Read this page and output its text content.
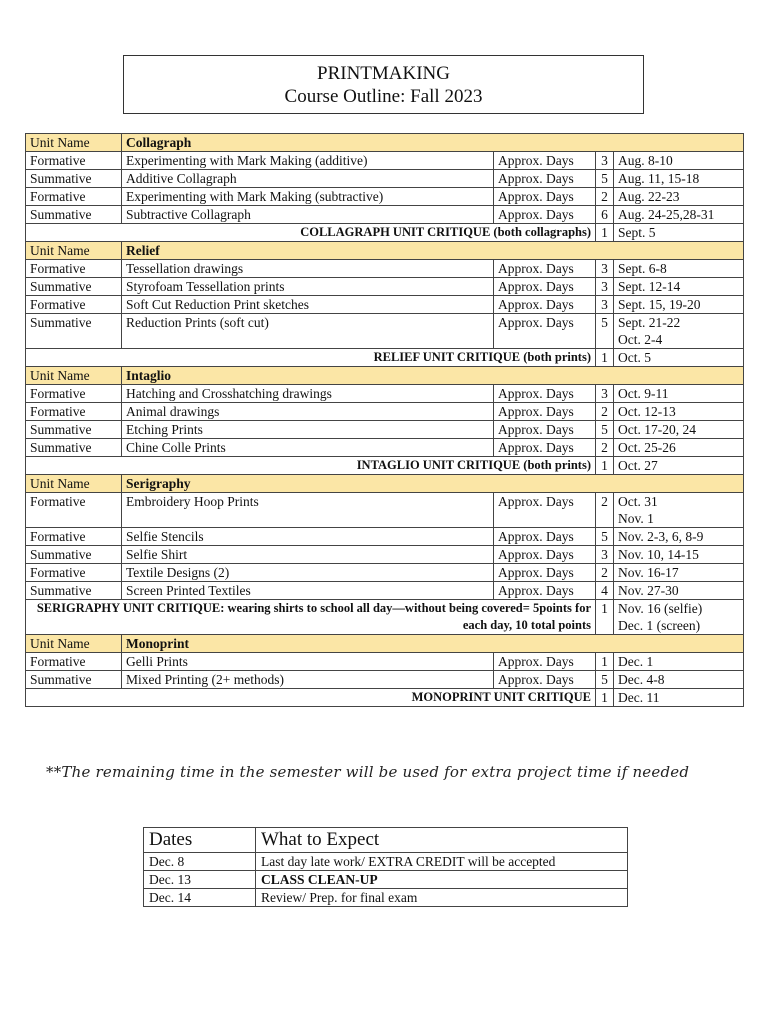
PRINTMAKING
Course Outline: Fall 2023
Unit Name	Collagraph			
Formative	Experimenting with Mark Making (additive)	Approx. Days	3	Aug. 8-10

Summative	Additive Collagraph	Approx. Days	5	Aug. 11, 15-18

Formative	Experimenting with Mark Making (subtractive)	Approx. Days	2	Aug. 22-23

Summative	Subtractive Collagraph	Approx. Days	6	Aug. 24-25,28-31

COLLAGRAPH UNIT CRITIQUE (both collagraphs)			1	Sept. 5

Unit Name	Relief			
Formative	Tessellation drawings	Approx. Days	3	Sept. 6-8

Summative	Styrofoam Tessellation prints	Approx. Days	3	Sept. 12-14

Formative	Soft Cut Reduction Print sketches	Approx. Days	3	Sept. 15, 19-20

Summative	Reduction Prints (soft cut)	Approx. Days	5	Sept. 21-22
Oct. 2-4

RELIEF UNIT CRITIQUE (both prints)			1	Oct. 5

Unit Name	Intaglio			
Formative	Hatching and Crosshatching drawings	Approx. Days	3	Oct. 9-11

Formative	Animal drawings	Approx. Days	2	Oct. 12-13

Summative	Etching Prints	Approx. Days	5	Oct. 17-20, 24

Summative	Chine Colle Prints	Approx. Days	2	Oct. 25-26

INTAGLIO UNIT CRITIQUE (both prints)			1	Oct. 27

Unit Name	Serigraphy			
Formative	Embroidery Hoop Prints	Approx. Days	2	Oct. 31
Nov. 1

Formative	Selfie Stencils	Approx. Days	5	Nov. 2-3, 6, 8-9

Summative	Selfie Shirt	Approx. Days	3	Nov. 10, 14-15

Formative	Textile Designs (2)	Approx. Days	2	Nov. 16-17

Summative	Screen Printed Textiles	Approx. Days	4	Nov. 27-30

SERIGRAPHY UNIT CRITIQUE: wearing shirts to school all day—without being covered= 5points for each day, 10 total points			1	Nov. 16 (selfie)
Dec. 1 (screen)

Unit Name	Monoprint			
Formative	Gelli Prints	Approx. Days	1	Dec. 1

Summative	Mixed Printing (2+ methods)	Approx. Days	5	Dec. 4-8

MONOPRINT UNIT CRITIQUE			1	Dec. 11
**The remaining time in the semester will be used for extra project time if needed
Dates	What to Expect
Dec. 8	Last day late work/ EXTRA CREDIT will be accepted
Dec. 13	CLASS CLEAN-UP
Dec. 14	Review/ Prep. for final exam
